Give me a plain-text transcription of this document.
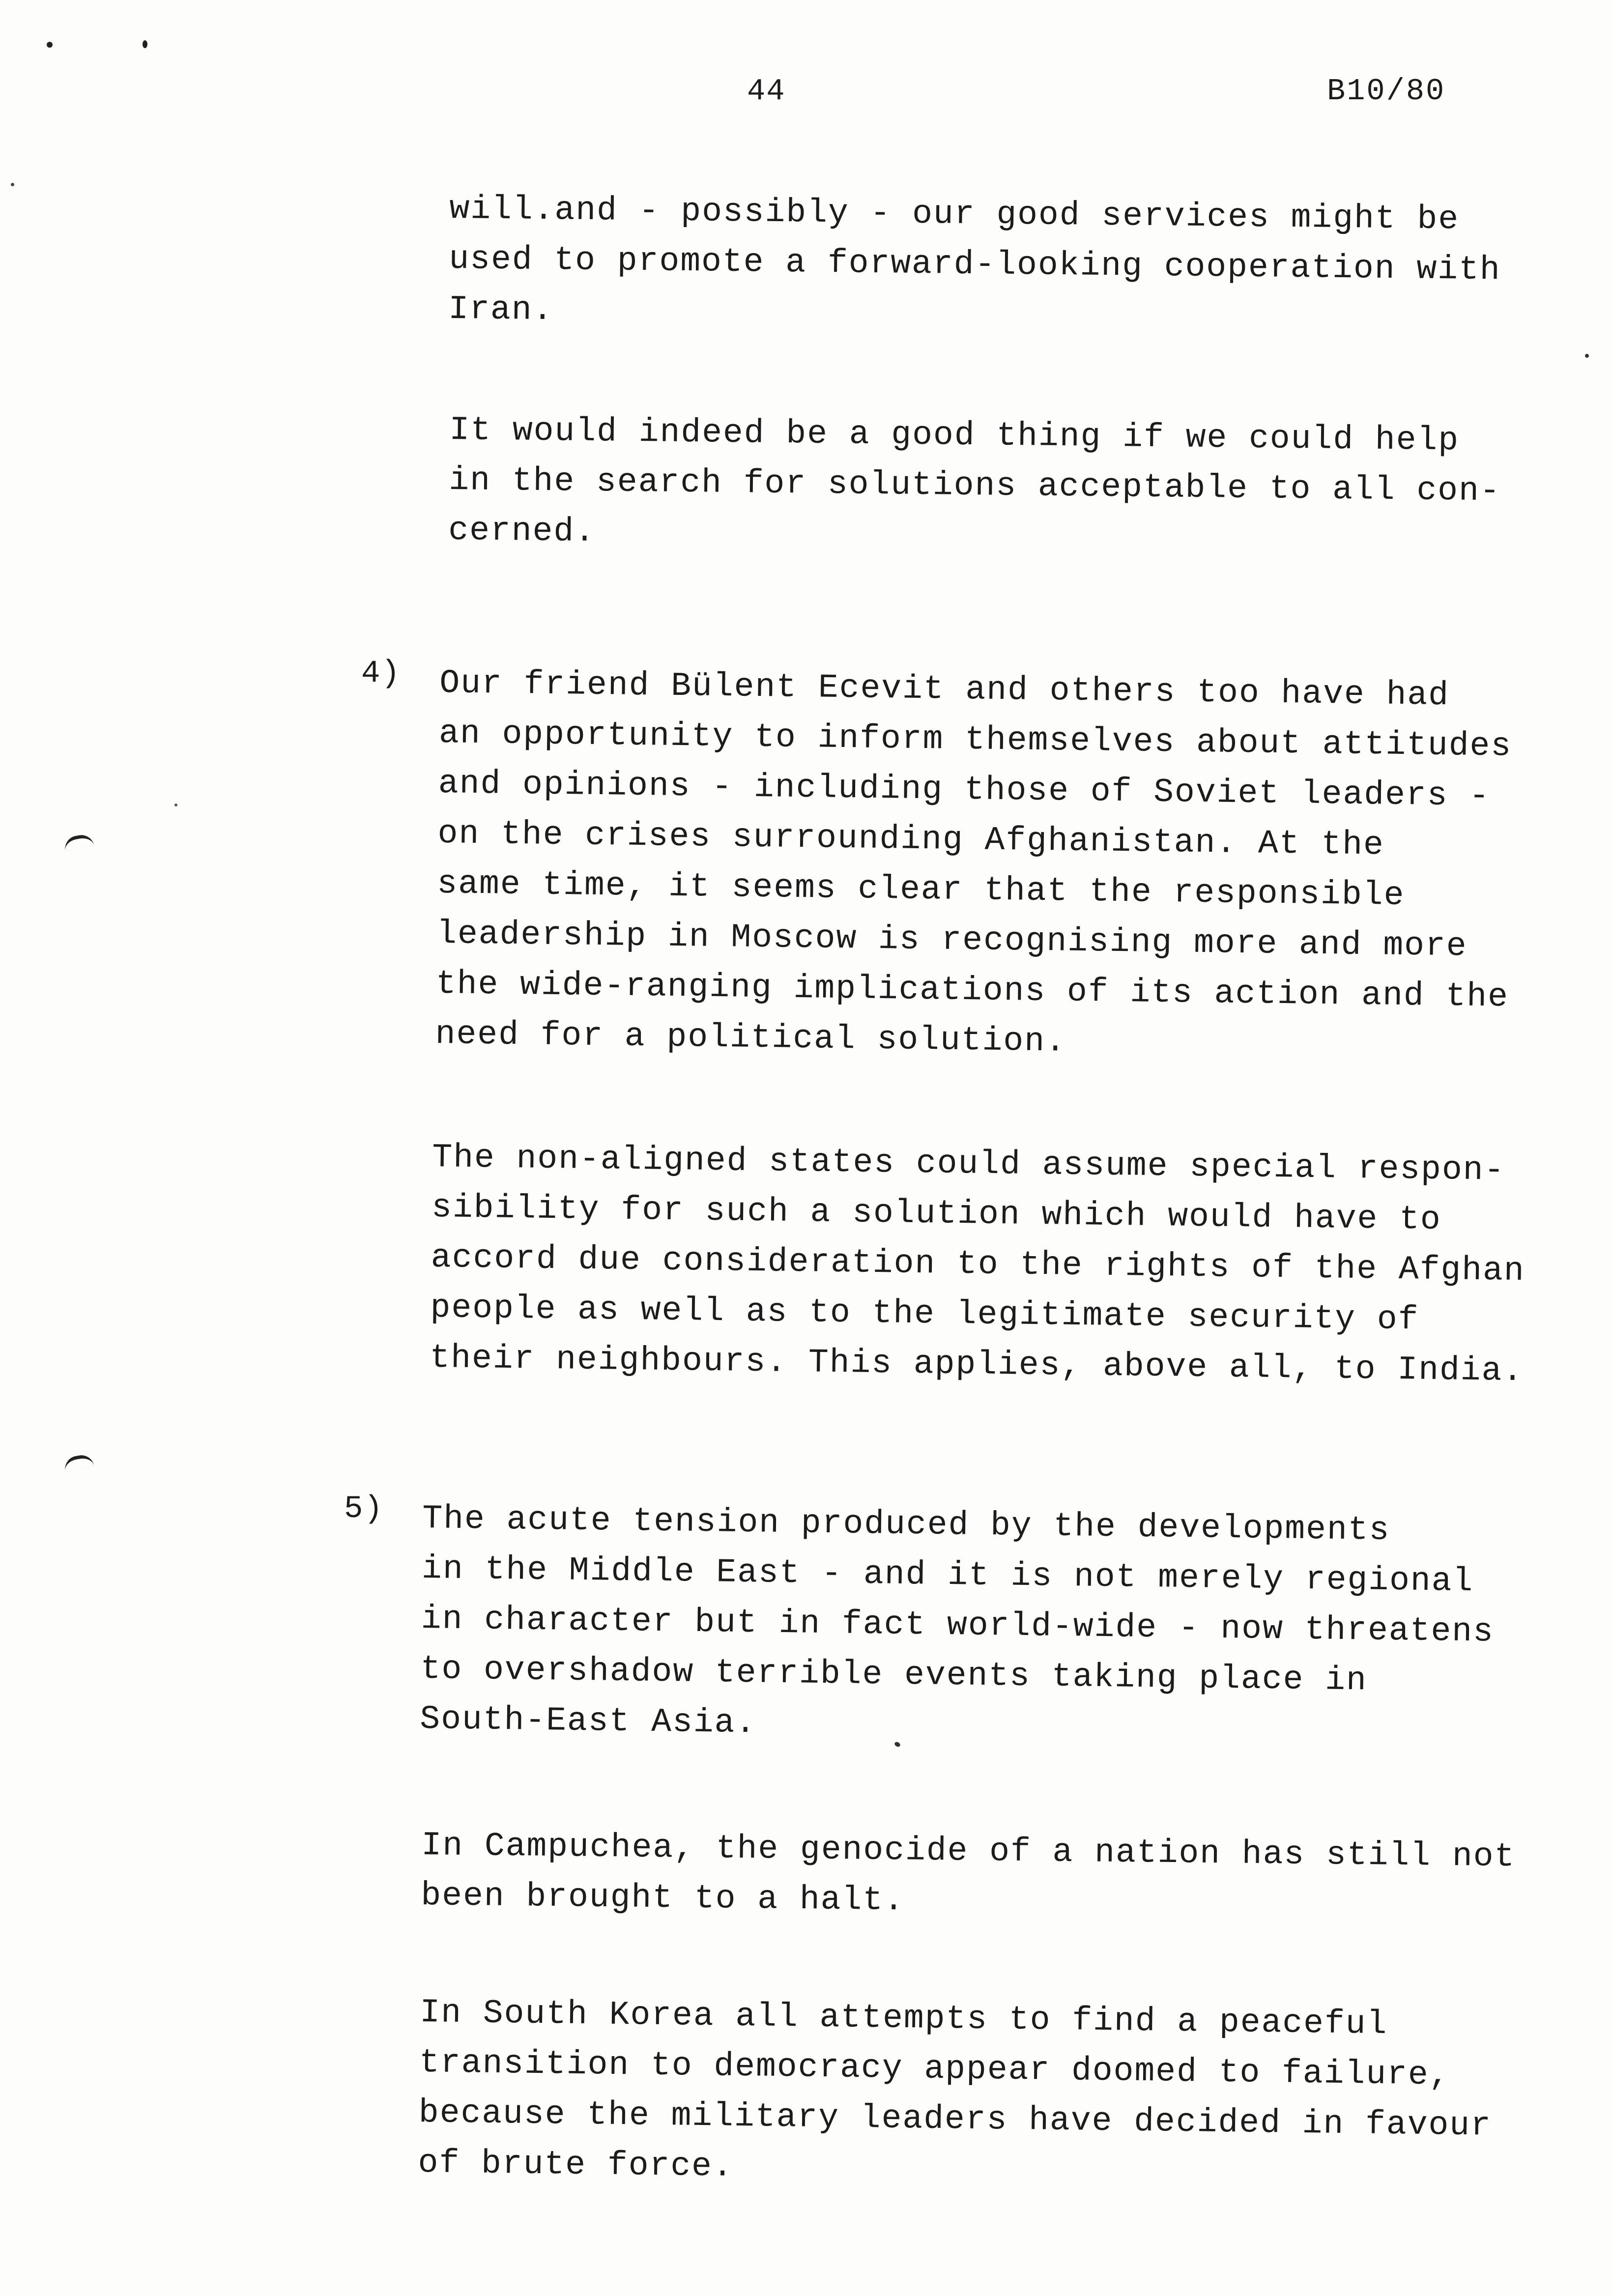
44	B10/80

will.and - possibly - our good services might be
used to promote a forward-looking cooperation with
Iran.

It would indeed be a good thing if we could help
in the search for solutions acceptable to all con-
cerned.

4) Our friend Bülent Ecevit and others too have had
an opportunity to inform themselves about attitudes
and opinions - including those of Soviet leaders -
on the crises surrounding Afghanistan. At the
same time, it seems clear that the responsible
leadership in Moscow is recognising more and more
the wide-ranging implications of its action and the
need for a political solution.

The non-aligned states could assume special respon-
sibility for such a solution which would have to
accord due consideration to the rights of the Afghan
people as well as to the legitimate security of
their neighbours. This applies, above all, to India.

5) The acute tension produced by the developments
in the Middle East - and it is not merely regional
in character but in fact world-wide - now threatens
to overshadow terrible events taking place in
South-East Asia.

In Campuchea, the genocide of a nation has still not
been brought to a halt.

In South Korea all attempts to find a peaceful
transition to democracy appear doomed to failure,
because the military leaders have decided in favour
of brute force.
